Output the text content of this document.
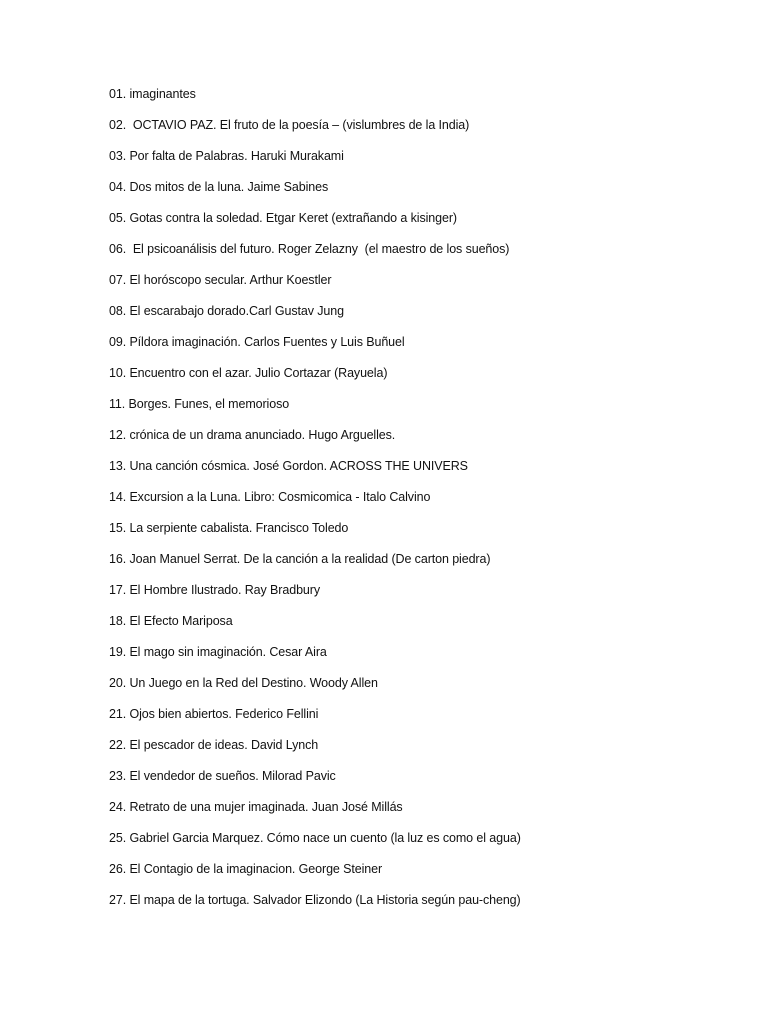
01. imaginantes
02.  OCTAVIO PAZ. El fruto de la poesía – (vislumbres de la India)
03. Por falta de Palabras. Haruki Murakami
04. Dos mitos de la luna. Jaime Sabines
05. Gotas contra la soledad. Etgar Keret (extrañando a kisinger)
06.  El psicoanálisis del futuro. Roger Zelazny  (el maestro de los sueños)
07. El horóscopo secular. Arthur Koestler
08. El escarabajo dorado.Carl Gustav Jung
09. Píldora imaginación. Carlos Fuentes y Luis Buñuel
10. Encuentro con el azar. Julio Cortazar (Rayuela)
11. Borges. Funes, el memorioso
12. crónica de un drama anunciado. Hugo Arguelles.
13. Una canción cósmica. José Gordon. ACROSS THE UNIVERS
14. Excursion a la Luna. Libro: Cosmicomica - Italo Calvino
15. La serpiente cabalista. Francisco Toledo
16. Joan Manuel Serrat. De la canción a la realidad (De carton piedra)
17. El Hombre Ilustrado. Ray Bradbury
18. El Efecto Mariposa
19. El mago sin imaginación. Cesar Aira
20. Un Juego en la Red del Destino. Woody Allen
21. Ojos bien abiertos. Federico Fellini
22. El pescador de ideas. David Lynch
23. El vendedor de sueños. Milorad Pavic
24. Retrato de una mujer imaginada. Juan José Millás
25. Gabriel Garcia Marquez. Cómo nace un cuento (la luz es como el agua)
26. El Contagio de la imaginacion. George Steiner
27. El mapa de la tortuga. Salvador Elizondo (La Historia según pau-cheng)
